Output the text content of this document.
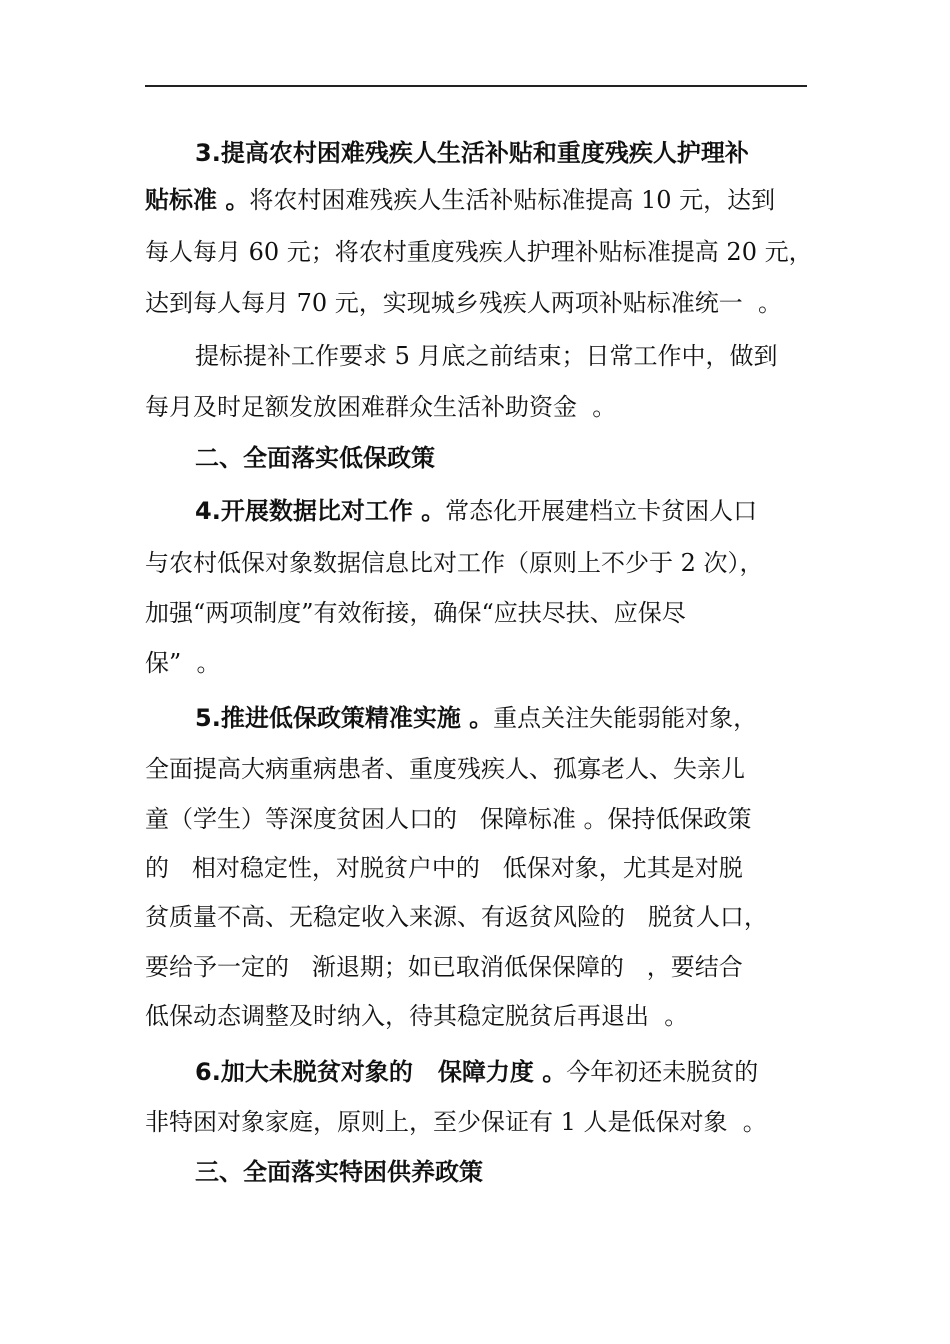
3.提高农村困难残疾人生活补贴和重度残疾人护理补
贴标准 。将农村困难残疾人生活补贴标准提高 10 元，达到
每人每月 60 元；将农村重度残疾人护理补贴标准提高 20 元，
达到每人每月 70 元，实现城乡残疾人两项补贴标准统一  。
提标提补工作要求 5 月底之前结束；日常工作中，做到
每月及时足额发放困难群众生活补助资金  。
二、全面落实低保政策
4.开展数据比对工作 。常态化开展建档立卡贫困人口
与农村低保对象数据信息比对工作（原则上不少于 2 次），
加强“两项制度”有效衔接，确保“应扶尽扶、应保尽
保”  。
5.推进低保政策精准实施 。重点关注失能弱能对象，
全面提高大病重病患者、重度残疾人、孤寡老人、失亲儿
童（学生）等深度贫困人口的   保障标准 。保持低保政策
的   相对稳定性，对脱贫户中的   低保对象，尤其是对脱
贫质量不高、无稳定收入来源、有返贫风险的   脱贫人口，
要给予一定的   渐退期；如已取消低保保障的   ，要结合
低保动态调整及时纳入，待其稳定脱贫后再退出  。
6.加大未脱贫对象的   保障力度 。今年初还未脱贫的
非特困对象家庭，原则上，至少保证有 1 人是低保对象  。
三、全面落实特困供养政策
